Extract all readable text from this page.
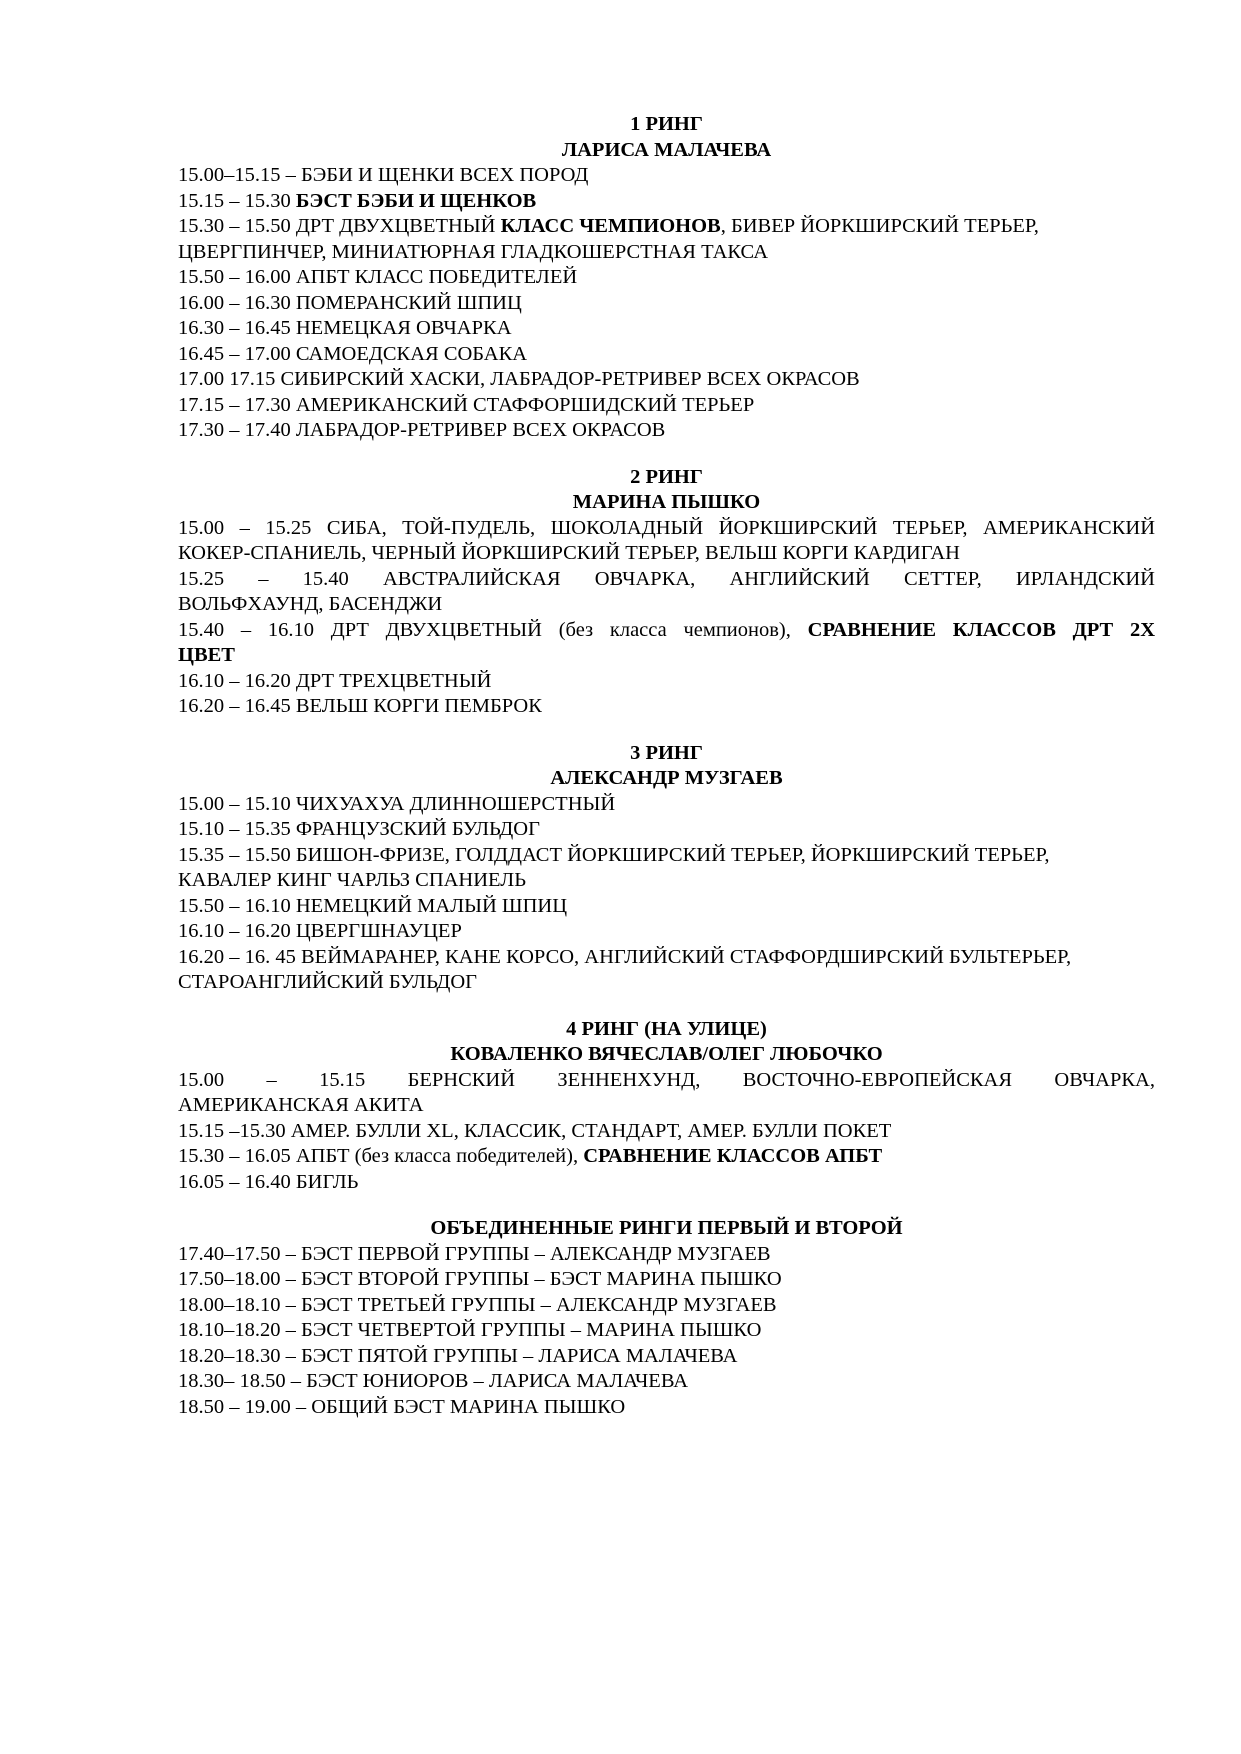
1 РИНГ
ЛАРИСА МАЛАЧЕВА
15.00–15.15 – БЭБИ И ЩЕНКИ ВСЕХ ПОРОД
15.15 – 15.30 БЭСТ БЭБИ И ЩЕНКОВ
15.30 – 15.50 ДРТ ДВУХЦВЕТНЫЙ КЛАСС ЧЕМПИОНОВ, БИВЕР ЙОРКШИРСКИЙ ТЕРЬЕР,
ЦВЕРГПИНЧЕР, МИНИАТЮРНАЯ ГЛАДКОШЕРСТНАЯ ТАКСА
15.50 – 16.00 АПБТ КЛАСС ПОБЕДИТЕЛЕЙ
16.00 – 16.30 ПОМЕРАНСКИЙ ШПИЦ
16.30 – 16.45 НЕМЕЦКАЯ ОВЧАРКА
16.45 – 17.00 САМОЕДСКАЯ СОБАКА
17.00 17.15 СИБИРСКИЙ ХАСКИ, ЛАБРАДОР-РЕТРИВЕР ВСЕХ ОКРАСОВ
17.15 – 17.30 АМЕРИКАНСКИЙ СТАФФОРШИДСКИЙ ТЕРЬЕР
17.30 – 17.40 ЛАБРАДОР-РЕТРИВЕР ВСЕХ ОКРАСОВ
2 РИНГ
МАРИНА ПЫШКО
15.00 – 15.25 СИБА, ТОЙ-ПУДЕЛЬ, ШОКОЛАДНЫЙ ЙОРКШИРСКИЙ ТЕРЬЕР, АМЕРИКАНСКИЙ
КОКЕР-СПАНИЕЛЬ, ЧЕРНЫЙ ЙОРКШИРСКИЙ ТЕРЬЕР, ВЕЛЬШ КОРГИ КАРДИГАН
15.25 – 15.40 АВСТРАЛИЙСКАЯ ОВЧАРКА, АНГЛИЙСКИЙ СЕТТЕР, ИРЛАНДСКИЙ
ВОЛЬФХАУНД, БАСЕНДЖИ
15.40 – 16.10 ДРТ ДВУХЦВЕТНЫЙ (без класса чемпионов), СРАВНЕНИЕ КЛАССОВ ДРТ 2Х
ЦВЕТ
16.10 – 16.20 ДРТ ТРЕХЦВЕТНЫЙ
16.20 – 16.45 ВЕЛЬШ КОРГИ ПЕМБРОК
3 РИНГ
АЛЕКСАНДР МУЗГАЕВ
15.00 – 15.10 ЧИХУАХУА ДЛИННОШЕРСТНЫЙ
15.10 – 15.35 ФРАНЦУЗСКИЙ БУЛЬДОГ
15.35 – 15.50 БИШОН-ФРИЗЕ, ГОЛДДАСТ ЙОРКШИРСКИЙ ТЕРЬЕР, ЙОРКШИРСКИЙ ТЕРЬЕР,
КАВАЛЕР КИНГ ЧАРЛЬЗ СПАНИЕЛЬ
15.50 – 16.10 НЕМЕЦКИЙ МАЛЫЙ ШПИЦ
16.10 – 16.20 ЦВЕРГШНАУЦЕР
16.20 – 16. 45 ВЕЙМАРАНЕР, КАНЕ КОРСО, АНГЛИЙСКИЙ СТАФФОРДШИРСКИЙ БУЛЬТЕРЬЕР,
СТАРОАНГЛИЙСКИЙ БУЛЬДОГ
4 РИНГ (НА УЛИЦЕ)
КОВАЛЕНКО ВЯЧЕСЛАВ/ОЛЕГ ЛЮБОЧКО
15.00 – 15.15 БЕРНСКИЙ ЗЕННЕНХУНД, ВОСТОЧНО-ЕВРОПЕЙСКАЯ ОВЧАРКА,
АМЕРИКАНСКАЯ АКИТА
15.15 –15.30 АМЕР. БУЛЛИ XL, КЛАССИК, СТАНДАРТ, АМЕР. БУЛЛИ ПОКЕТ
15.30 – 16.05 АПБТ (без класса победителей), СРАВНЕНИЕ КЛАССОВ АПБТ
16.05 – 16.40 БИГЛЬ
ОБЪЕДИНЕННЫЕ РИНГИ ПЕРВЫЙ И ВТОРОЙ
17.40–17.50 – БЭСТ ПЕРВОЙ ГРУППЫ – АЛЕКСАНДР МУЗГАЕВ
17.50–18.00 – БЭСТ ВТОРОЙ ГРУППЫ – БЭСТ МАРИНА ПЫШКО
18.00–18.10 – БЭСТ ТРЕТЬЕЙ ГРУППЫ – АЛЕКСАНДР МУЗГАЕВ
18.10–18.20 – БЭСТ ЧЕТВЕРТОЙ ГРУППЫ – МАРИНА ПЫШКО
18.20–18.30 – БЭСТ ПЯТОЙ ГРУППЫ – ЛАРИСА МАЛАЧЕВА
18.30– 18.50 – БЭСТ ЮНИОРОВ – ЛАРИСА МАЛАЧЕВА
18.50 – 19.00 – ОБЩИЙ БЭСТ МАРИНА ПЫШКО
